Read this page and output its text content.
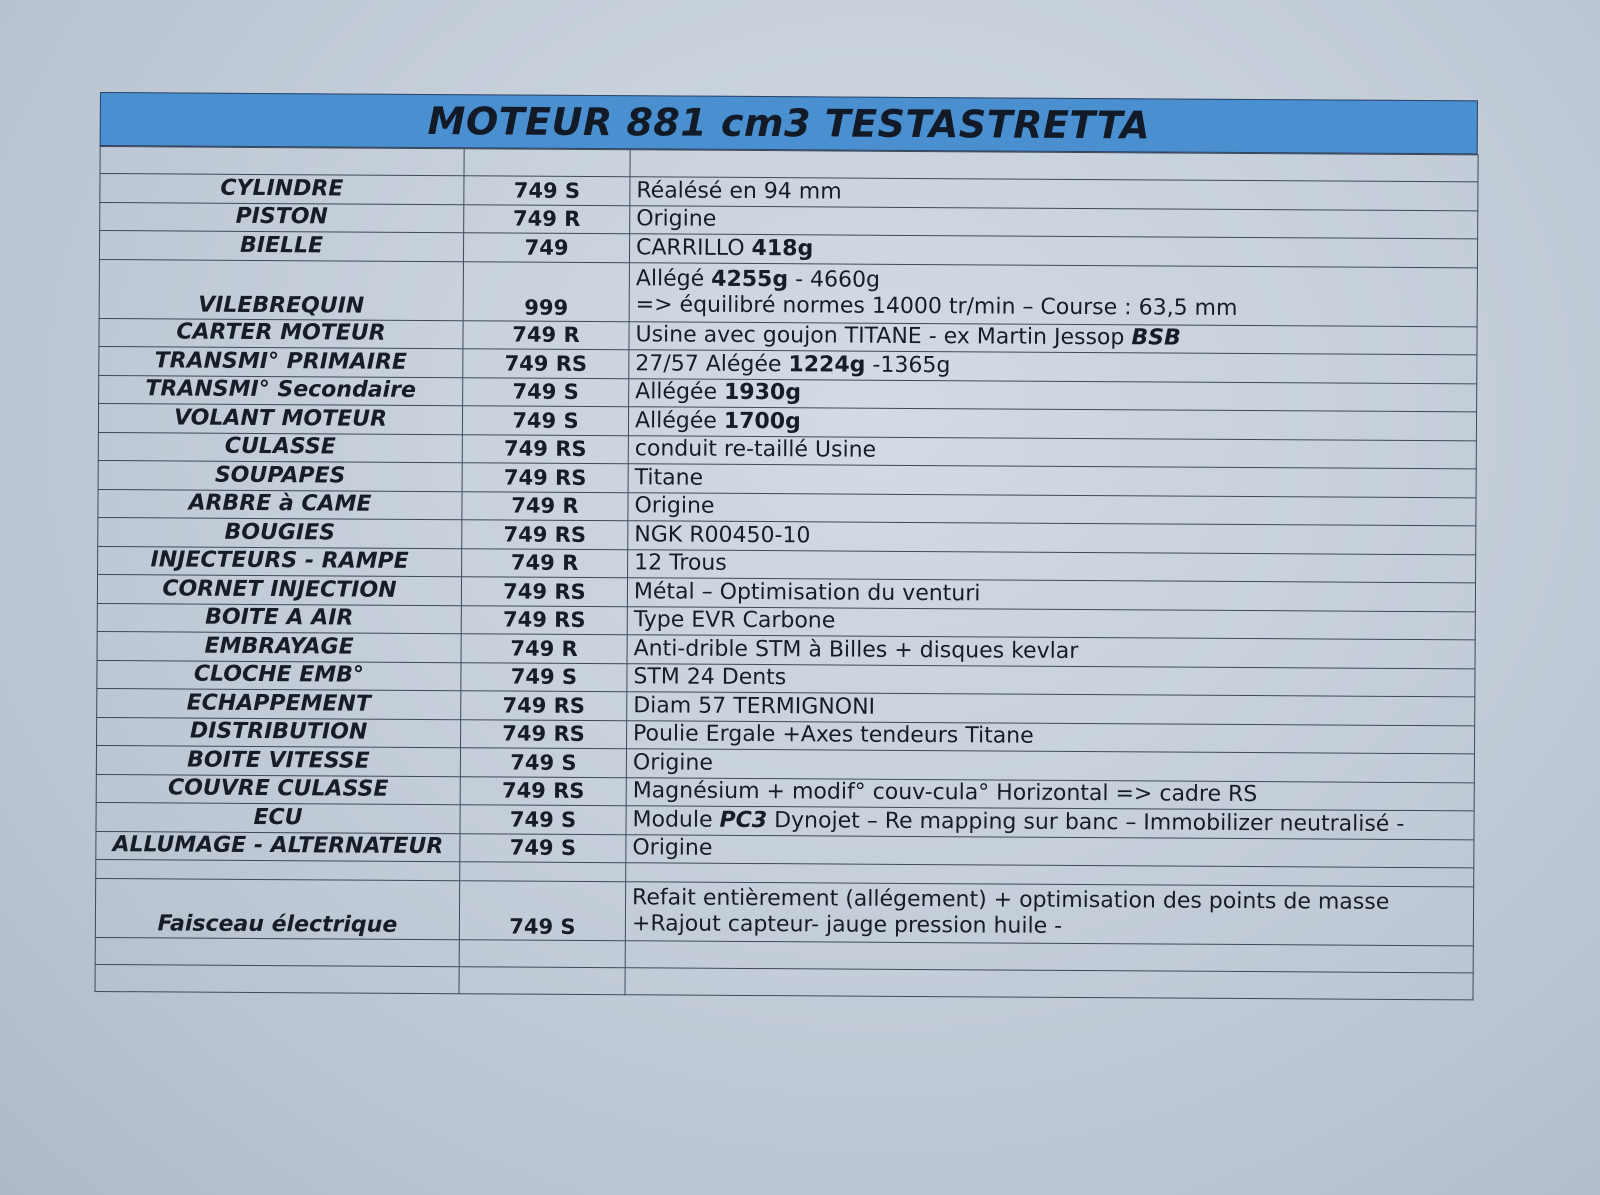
MOTEUR 881 cm3 TESTASTRETTA

CYLINDRE	749 S	Réalésé en 94 mm
PISTON	749 R	Origine
BIELLE	749	CARRILLO 418g
VILEBREQUIN	999	Allégé 4255g - 4660g
=> équilibré normes 14000 tr/min – Course : 63,5 mm

CARTER MOTEUR	749 R	Usine avec goujon TITANE - ex Martin Jessop BSB
TRANSMI° PRIMAIRE	749 RS	27/57 Alégée 1224g -1365g
TRANSMI° Secondaire	749 S	Allégée 1930g
VOLANT MOTEUR	749 S	Allégée 1700g
CULASSE	749 RS	conduit re-taillé Usine
SOUPAPES	749 RS	Titane
ARBRE à CAME	749 R	Origine
BOUGIES	749 RS	NGK R00450-10
INJECTEURS - RAMPE	749 R	12 Trous
CORNET INJECTION	749 RS	Métal – Optimisation du venturi
BOITE A AIR	749 RS	Type EVR Carbone
EMBRAYAGE	749 R	Anti-drible STM à Billes + disques kevlar
CLOCHE EMB°	749 S	STM 24 Dents
ECHAPPEMENT	749 RS	Diam 57 TERMIGNONI
DISTRIBUTION	749 RS	Poulie Ergale +Axes tendeurs Titane
BOITE VITESSE	749 S	Origine
COUVRE CULASSE	749 RS	Magnésium + modif° couv-cula° Horizontal => cadre RS
ECU	749 S	Module PC3 Dynojet – Re mapping sur banc – Immobilizer neutralisé -
ALLUMAGE - ALTERNATEUR	749 S	Origine

Faisceau électrique	749 S	Refait entièrement (allégement) + optimisation des points de masse
+Rajout capteur- jauge pression huile -
